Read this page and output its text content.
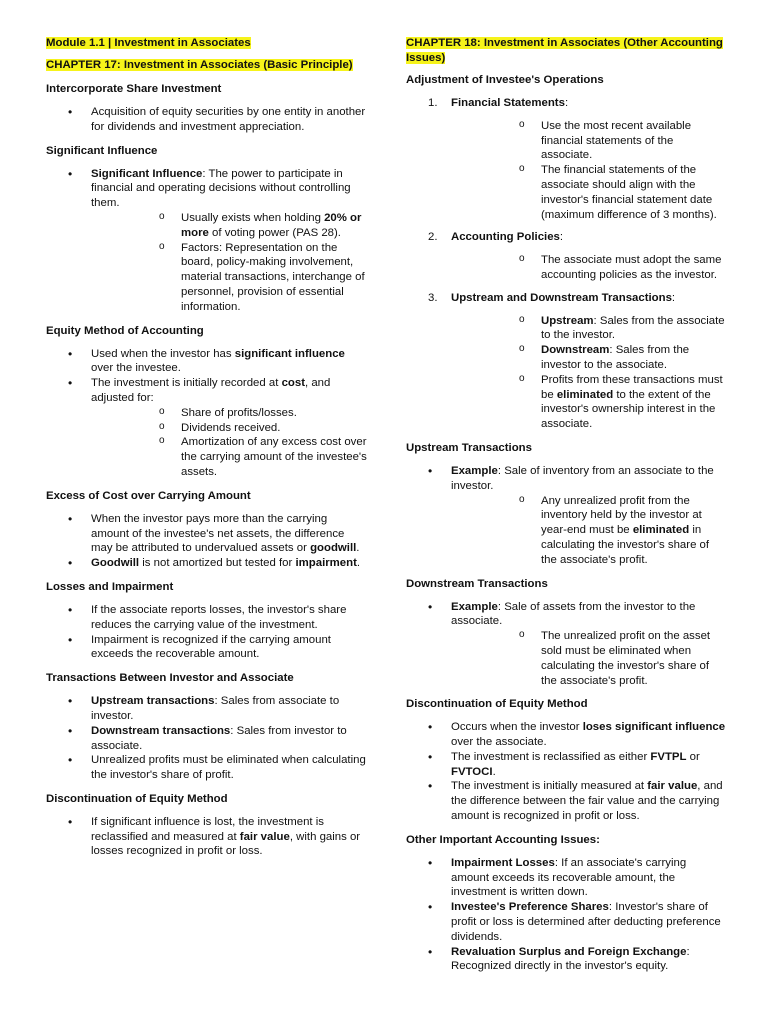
Module 1.1 | Investment in Associates
CHAPTER 17: Investment in Associates (Basic Principle)
Intercorporate Share Investment
• Acquisition of equity securities by one entity in another for dividends and investment appreciation.
Significant Influence
• Significant Influence: The power to participate in financial and operating decisions without controlling them.
o Usually exists when holding 20% or more of voting power (PAS 28).
o Factors: Representation on the board, policy-making involvement, material transactions, interchange of personnel, provision of essential information.
Equity Method of Accounting
• Used when the investor has significant influence over the investee.
• The investment is initially recorded at cost, and adjusted for:
o Share of profits/losses.
o Dividends received.
o Amortization of any excess cost over the carrying amount of the investee's assets.
Excess of Cost over Carrying Amount
• When the investor pays more than the carrying amount of the investee's net assets, the difference may be attributed to undervalued assets or goodwill.
• Goodwill is not amortized but tested for impairment.
Losses and Impairment
• If the associate reports losses, the investor's share reduces the carrying value of the investment.
• Impairment is recognized if the carrying amount exceeds the recoverable amount.
Transactions Between Investor and Associate
• Upstream transactions: Sales from associate to investor.
• Downstream transactions: Sales from investor to associate.
• Unrealized profits must be eliminated when calculating the investor's share of profit.
Discontinuation of Equity Method
• If significant influence is lost, the investment is reclassified and measured at fair value, with gains or losses recognized in profit or loss.
CHAPTER 18: Investment in Associates (Other Accounting Issues)
Adjustment of Investee's Operations
1. Financial Statements:
o Use the most recent available financial statements of the associate.
o The financial statements of the associate should align with the investor's financial statement date (maximum difference of 3 months).
2. Accounting Policies:
o The associate must adopt the same accounting policies as the investor.
3. Upstream and Downstream Transactions:
o Upstream: Sales from the associate to the investor.
o Downstream: Sales from the investor to the associate.
o Profits from these transactions must be eliminated to the extent of the investor's ownership interest in the associate.
Upstream Transactions
• Example: Sale of inventory from an associate to the investor.
o Any unrealized profit from the inventory held by the investor at year-end must be eliminated in calculating the investor's share of the associate's profit.
Downstream Transactions
• Example: Sale of assets from the investor to the associate.
o The unrealized profit on the asset sold must be eliminated when calculating the investor's share of the associate's profit.
Discontinuation of Equity Method
• Occurs when the investor loses significant influence over the associate.
• The investment is reclassified as either FVTPL or FVTOCI.
• The investment is initially measured at fair value, and the difference between the fair value and the carrying amount is recognized in profit or loss.
Other Important Accounting Issues:
• Impairment Losses: If an associate's carrying amount exceeds its recoverable amount, the investment is written down.
• Investee's Preference Shares: Investor's share of profit or loss is determined after deducting preference dividends.
• Revaluation Surplus and Foreign Exchange: Recognized directly in the investor's equity.
